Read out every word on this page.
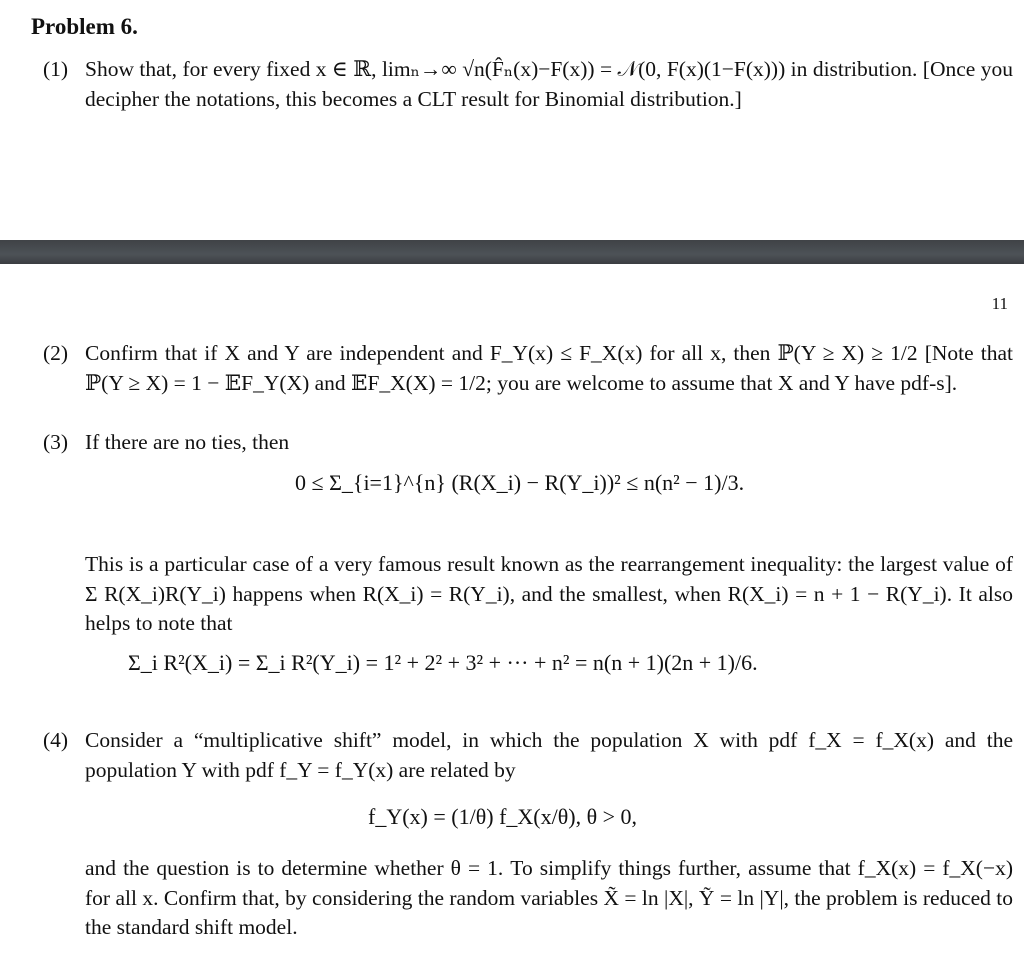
Problem 6.
(1) Show that, for every fixed x ∈ ℝ, limₙ→∞ √n(F̂ₙ(x)−F(x)) = 𝒩(0, F(x)(1−F(x))) in distribution. [Once you decipher the notations, this becomes a CLT result for Binomial distribution.]
11
(2) Confirm that if X and Y are independent and F_Y(x) ≤ F_X(x) for all x, then ℙ(Y ≥ X) ≥ 1/2 [Note that ℙ(Y ≥ X) = 1 − 𝔼F_Y(X) and 𝔼F_X(X) = 1/2; you are welcome to assume that X and Y have pdf-s].
(3) If there are no ties, then
0 ≤ Σ_{i=1}^{n} (R(X_i) − R(Y_i))² ≤ n(n² − 1)/3.
This is a particular case of a very famous result known as the rearrangement inequality: the largest value of Σ R(X_i)R(Y_i) happens when R(X_i) = R(Y_i), and the smallest, when R(X_i) = n + 1 − R(Y_i). It also helps to note that
Σ_i R²(X_i) = Σ_i R²(Y_i) = 1² + 2² + 3² + ··· + n² = n(n + 1)(2n + 1)/6.
(4) Consider a “multiplicative shift” model, in which the population X with pdf f_X = f_X(x) and the population Y with pdf f_Y = f_Y(x) are related by
f_Y(x) = (1/θ) f_X(x/θ), θ > 0,
and the question is to determine whether θ = 1. To simplify things further, assume that f_X(x) = f_X(−x) for all x. Confirm that, by considering the random variables X̃ = ln |X|, Ỹ = ln |Y|, the problem is reduced to the standard shift model.
